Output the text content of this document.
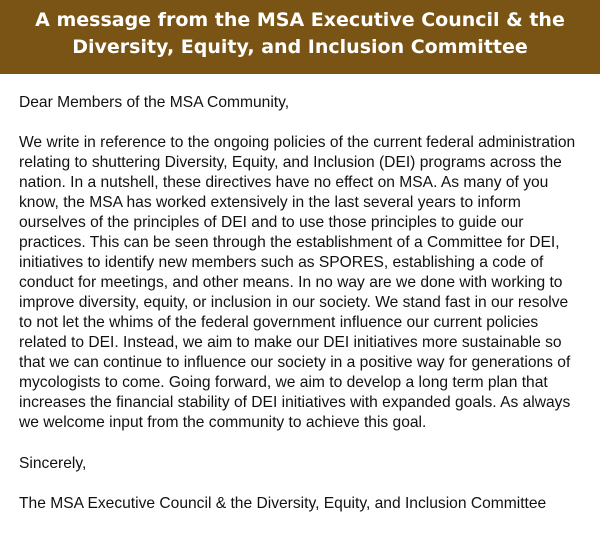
A message from the MSA Executive Council & the
Diversity, Equity, and Inclusion Committee

Dear Members of the MSA Community,

We write in reference to the ongoing policies of the current federal administration relating to shuttering Diversity, Equity, and Inclusion (DEI) programs across the nation. In a nutshell, these directives have no effect on MSA. As many of you know, the MSA has worked extensively in the last several years to inform ourselves of the principles of DEI and to use those principles to guide our practices. This can be seen through the establishment of a Committee for DEI, initiatives to identify new members such as SPORES, establishing a code of conduct for meetings, and other means. In no way are we done with working to improve diversity, equity, or inclusion in our society. We stand fast in our resolve to not let the whims of the federal government influence our current policies related to DEI. Instead, we aim to make our DEI initiatives more sustainable so that we can continue to influence our society in a positive way for generations of mycologists to come. Going forward, we aim to develop a long term plan that increases the financial stability of DEI initiatives with expanded goals. As always we welcome input from the community to achieve this goal.

Sincerely,

The MSA Executive Council & the Diversity, Equity, and Inclusion Committee
